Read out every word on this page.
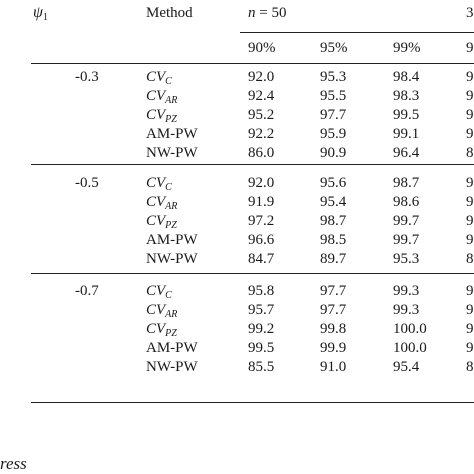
ψ1	Method	n = 50	3
90%	95%	99%	9
-0.3	$CV_C$	92.0	95.3	98.4	9
$CV_{AR}$	92.4	95.5	98.3	9
$CV_{PZ}$	95.2	97.7	99.5	9
AM-PW	92.2	95.9	99.1	9
NW-PW	86.0	90.9	96.4	8
-0.5	$CV_C$	92.0	95.6	98.7	9
$CV_{AR}$	91.9	95.4	98.6	9
$CV_{PZ}$	97.2	98.7	99.7	9
AM-PW	96.6	98.5	99.7	9
NW-PW	84.7	89.7	95.3	8
-0.7	$CV_C$	95.8	97.7	99.3	9
$CV_{AR}$	95.7	97.7	99.3	9
$CV_{PZ}$	99.2	99.8	100.0	9
AM-PW	99.5	99.9	100.0	9
NW-PW	85.5	91.0	95.4	8
ress
